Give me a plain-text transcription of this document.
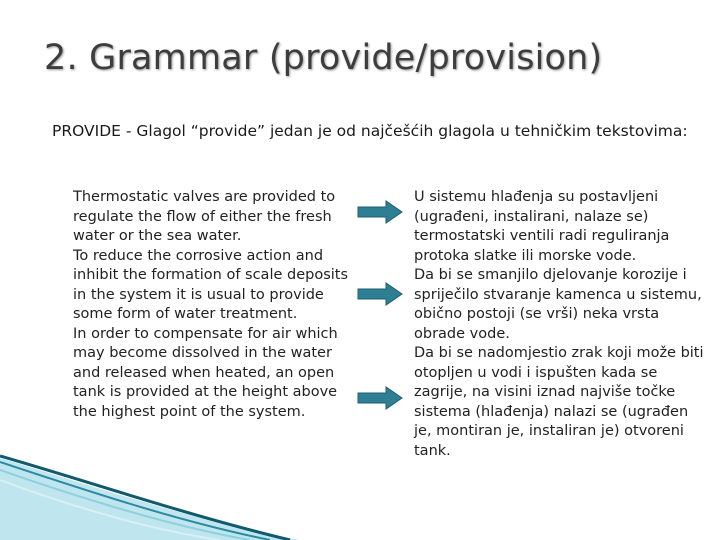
2. Grammar (provide/provision)
PROVIDE - Glagol “provide” jedan je od najčešćih glagola u tehničkim tekstovima:
Thermostatic valves are provided to regulate the flow of either the fresh water or the sea water.
To reduce the corrosive action and inhibit the formation of scale deposits in the system it is usual to provide some form of water treatment.
In order to compensate for air which may become dissolved in the water and released when heated, an open tank is provided at the height above the highest point of the system.

U sistemu hlađenja su postavljeni (ugrađeni, instalirani, nalaze se) termostatski ventili radi reguliranja protoka slatke ili morske vode.

Da bi se smanjilo djelovanje korozije i spriječilo stvaranje kamenca u sistemu, obično postoji (se vrši) neka vrsta obrade vode.

Da bi se nadomjestio zrak koji može biti otopljen u vodi i ispušten kada se zagrije, na visini iznad najviše točke sistema (hlađenja) nalazi se (ugrađen je, montiran je, instaliran je) otvoreni tank.
